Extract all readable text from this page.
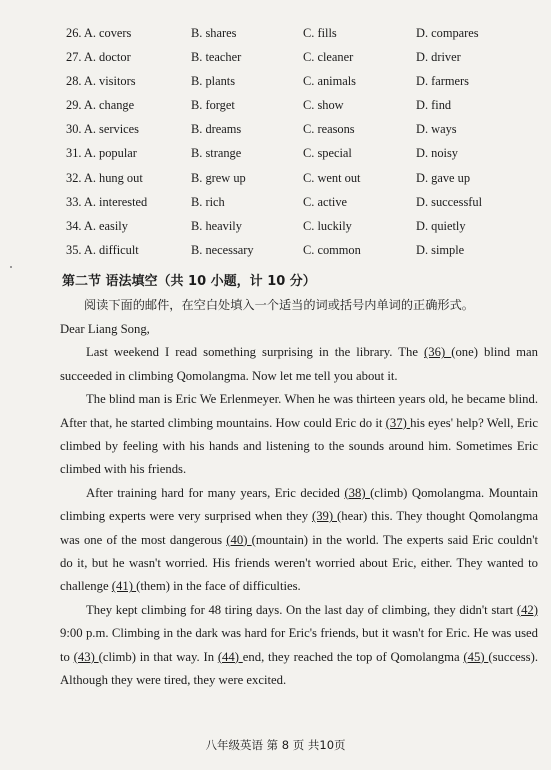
26. A. covers	B. shares	C. fills	D. compares
27. A. doctor	B. teacher	C. cleaner	D. driver
28. A. visitors	B. plants	C. animals	D. farmers
29. A. change	B. forget	C. show	D. find
30. A. services	B. dreams	C. reasons	D. ways
31. A. popular	B. strange	C. special	D. noisy
32. A. hung out	B. grew up	C. went out	D. gave up
33. A. interested	B. rich	C. active	D. successful
34. A. easily	B. heavily	C. luckily	D. quietly
35. A. difficult	B. necessary	C. common	D. simple
第二节 语法填空（共 10 小题，计 10 分）
阅读下面的邮件，在空白处填入一个适当的词或括号内单词的正确形式。

Dear Liang Song,

Last weekend I read something surprising in the library. The (36) (one) blind man succeeded in climbing Qomolangma. Now let me tell you about it.

The blind man is Eric We Erlenmeyer. When he was thirteen years old, he became blind. After that, he started climbing mountains. How could Eric do it (37) his eyes' help? Well, Eric climbed by feeling with his hands and listening to the sounds around him. Sometimes Eric climbed with his friends.

After training hard for many years, Eric decided (38) (climb) Qomolangma. Mountain climbing experts were very surprised when they (39) (hear) this. They thought Qomolangma was one of the most dangerous (40) (mountain) in the world. The experts said Eric couldn't do it, but he wasn't worried. His friends weren't worried about Eric, either. They wanted to challenge (41) (them) in the face of difficulties.

They kept climbing for 48 tiring days. On the last day of climbing, they didn't start (42) 9:00 p.m. Climbing in the dark was hard for Eric's friends, but it wasn't for Eric. He was used to (43) (climb) in that way. In (44) end, they reached the top of Qomolangma (45) (success). Although they were tired, they were excited.

八年级英语 第 8 页 共10页
